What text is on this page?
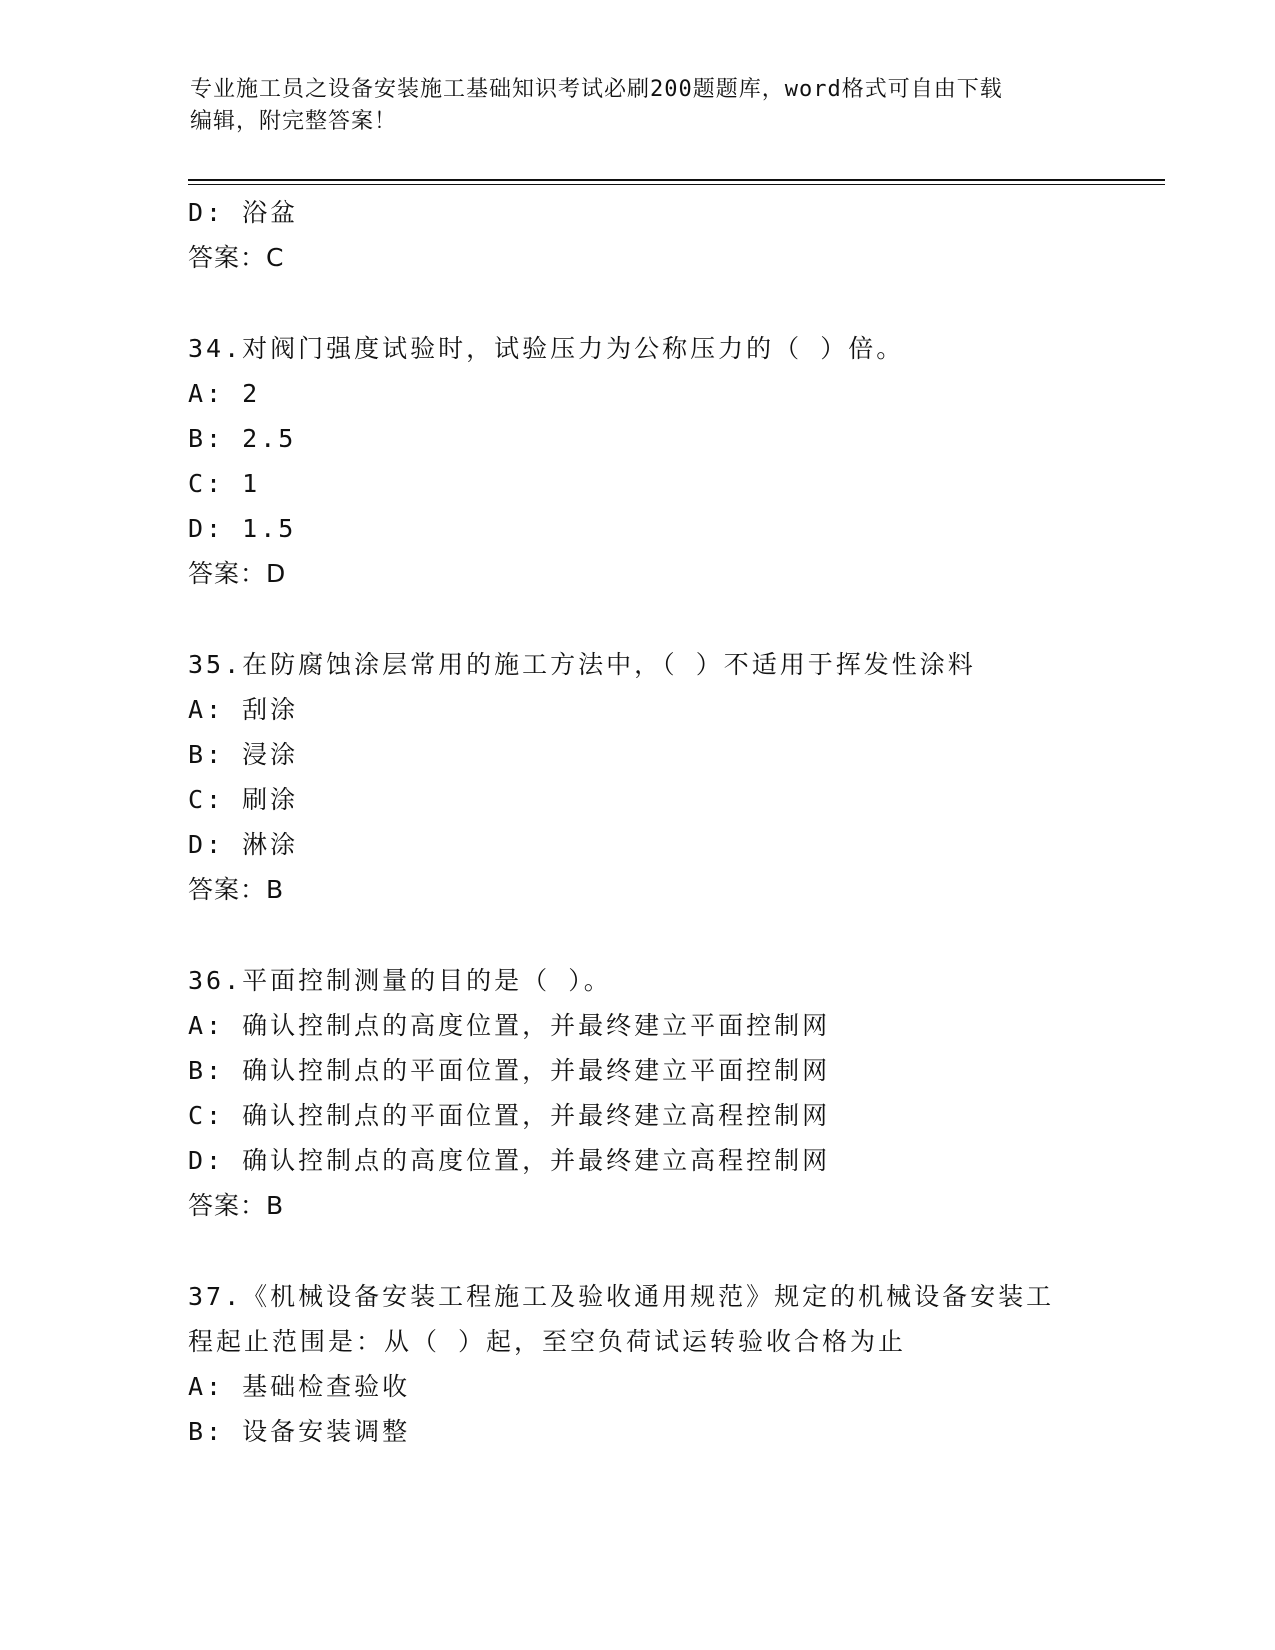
专业施工员之设备安装施工基础知识考试必刷200题题库，word格式可自由下载
编辑，附完整答案！
D: 浴盆
答案：C
34.对阀门强度试验时，试验压力为公称压力的（ ）倍。
A: 2
B: 2.5
C: 1
D: 1.5
答案：D
35.在防腐蚀涂层常用的施工方法中，（ ）不适用于挥发性涂料
A: 刮涂
B: 浸涂
C: 刷涂
D: 淋涂
答案：B
36.平面控制测量的目的是（ ）。
A: 确认控制点的高度位置，并最终建立平面控制网
B: 确认控制点的平面位置，并最终建立平面控制网
C: 确认控制点的平面位置，并最终建立高程控制网
D: 确认控制点的高度位置，并最终建立高程控制网
答案：B
37.《机械设备安装工程施工及验收通用规范》规定的机械设备安装工
程起止范围是：从（ ）起，至空负荷试运转验收合格为止
A: 基础检查验收
B: 设备安装调整
